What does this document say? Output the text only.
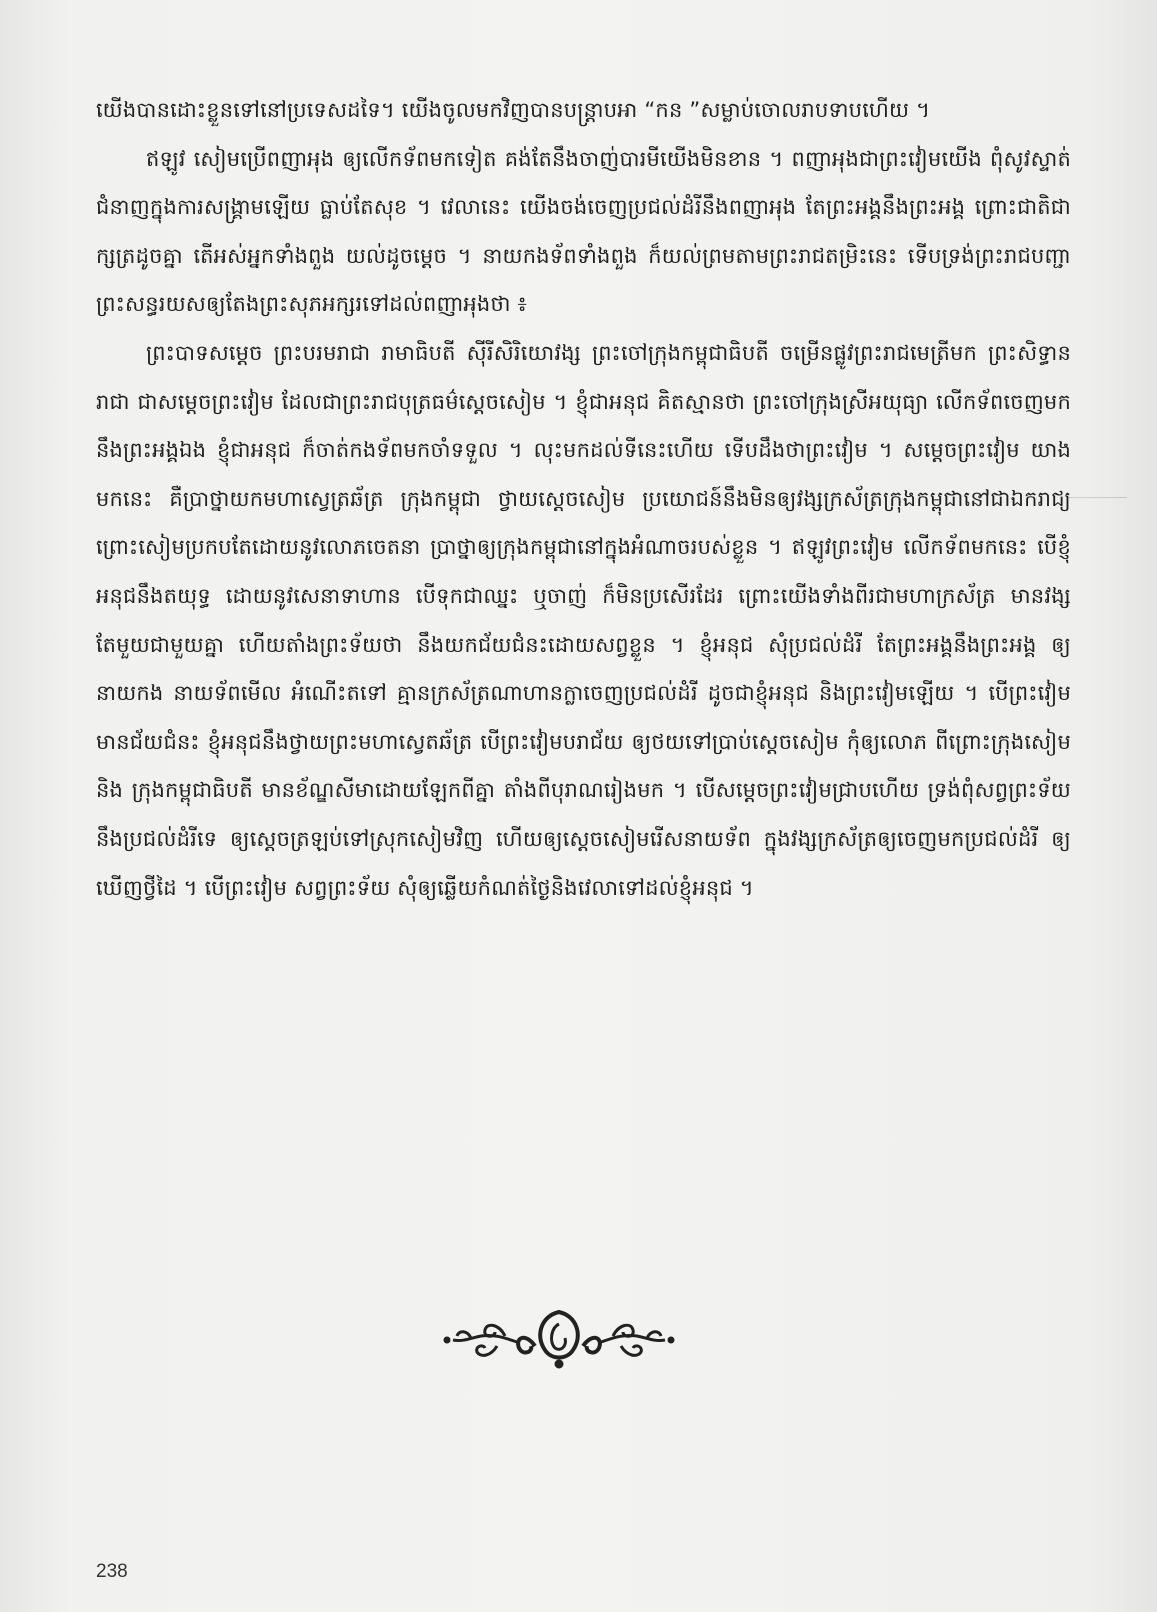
យើងបានដោះខ្លួនទៅនៅប្រទេសដទៃ។ យើងចូលមកវិញបានបន្ត្រាបអា “កន ”សម្លាប់ចោលរាបទាបហើយ ។

ឥឡូវ សៀមប្រើពញាអុង ឲ្យលើកទ័ពមកទៀត គង់តែនឹងចាញ់បារមីយើងមិនខាន ។ ពញាអុងជាព្រះវៀមយើង ពុំសូវស្ទាត់ជំនាញក្នុងការសង្គ្រាមឡើយ ធ្លាប់តែសុខ ។ វេលានេះ យើងចង់ចេញប្រជល់ដំរីនឹងពញាអុង តែព្រះអង្គនឹងព្រះអង្គ ព្រោះជាតិជាក្សត្រដូចគ្នា តើអស់អ្នកទាំងពួង យល់ដូចម្តេច ។ នាយកងទ័ពទាំងពួង ក៏យល់ព្រមតាមព្រះរាជតម្រិះនេះ ទើបទ្រង់ព្រះរាជបញ្ជាព្រះសន្ធរយសឲ្យតែងព្រះសុភអក្សរទៅដល់ពញាអុងថា ៖

ព្រះបាទសម្តេច ព្រះបរមរាជា រាមាធិបតី ស៊ីរីសិរិយោវង្ស ព្រះចៅក្រុងកម្ពុជាធិបតី ចម្រើនផ្លូវព្រះរាជមេត្រីមក ព្រះសិទ្ធានរាជា ជាសម្តេចព្រះវៀម ដែលជាព្រះរាជបុត្រធម៌ស្តេចសៀម ។ ខ្ញុំជាអនុជ គិតស្មានថា ព្រះចៅក្រុងស្រីអយុធ្យា លើកទ័ពចេញមកនឹងព្រះអង្គឯង ខ្ញុំជាអនុជ ក៏ចាត់កងទ័ពមកចាំទទួល ។ លុះមកដល់ទីនេះហើយ ទើបដឹងថាព្រះវៀម ។ សម្តេចព្រះវៀម យាងមកនេះ គឺប្រាថ្នាយកមហាស្វេត្រឆ័ត្រ ក្រុងកម្ពុជា ថ្វាយស្តេចសៀម ប្រយោជន៍នឹងមិនឲ្យវង្សក្រស័ត្រក្រុងកម្ពុជានៅជាឯករាជ្យ ព្រោះសៀមប្រកបតែដោយនូវលោភចេតនា ប្រាថ្នាឲ្យក្រុងកម្ពុជានៅក្នុងអំណាចរបស់ខ្លួន ។ ឥឡូវព្រះវៀម លើកទ័ពមកនេះ បើខ្ញុំអនុជនឹងតយុទ្ធ ដោយនូវសេនាទាហាន បើទុកជាឈ្នះ ឬចាញ់ ក៏មិនប្រសើរដែរ ព្រោះយើងទាំងពីរជាមហាក្រស័ត្រ មានវង្សតែមួយជាមួយគ្នា ហើយតាំងព្រះទ័យថា នឹងយកជ័យជំនះដោយសព្វខ្លួន ។ ខ្ញុំអនុជ សុំប្រជល់ដំរី តែព្រះអង្គនឹងព្រះអង្គ ឲ្យនាយកង នាយទ័ពមើល អំណើះតទៅ គ្មានក្រស័ត្រណាហានក្លាចេញប្រជល់ដំរី ដូចជាខ្ញុំអនុជ និងព្រះវៀមឡើយ ។ បើព្រះវៀមមានជ័យជំនះ ខ្ញុំអនុជនឹងថ្វាយព្រះមហាស្វេតឆ័ត្រ បើព្រះវៀមបរាជ័យ ឲ្យថយទៅប្រាប់ស្តេចសៀម កុំឲ្យលោភ ពីព្រោះក្រុងសៀម និង ក្រុងកម្ពុជាធិបតី មានខ័ណ្ឌសីមាដោយឡែកពីគ្នា តាំងពីបុរាណរៀងមក ។ បើសម្តេចព្រះវៀមជ្រាបហើយ ទ្រង់ពុំសព្វព្រះទ័យនឹងប្រជល់ដំរីទេ ឲ្យស្តេចត្រឡប់ទៅស្រុកសៀមវិញ ហើយឲ្យស្តេចសៀមរើសនាយទ័ព ក្នុងវង្សក្រស័ត្រឲ្យចេញមកប្រជល់ដំរី ឲ្យឃើញថ្វីដៃ ។ បើព្រះវៀម សព្វព្រះទ័យ សុំឲ្យឆ្លើយកំណត់ថ្ងៃនិងវេលាទៅដល់ខ្ញុំអនុជ ។

238
